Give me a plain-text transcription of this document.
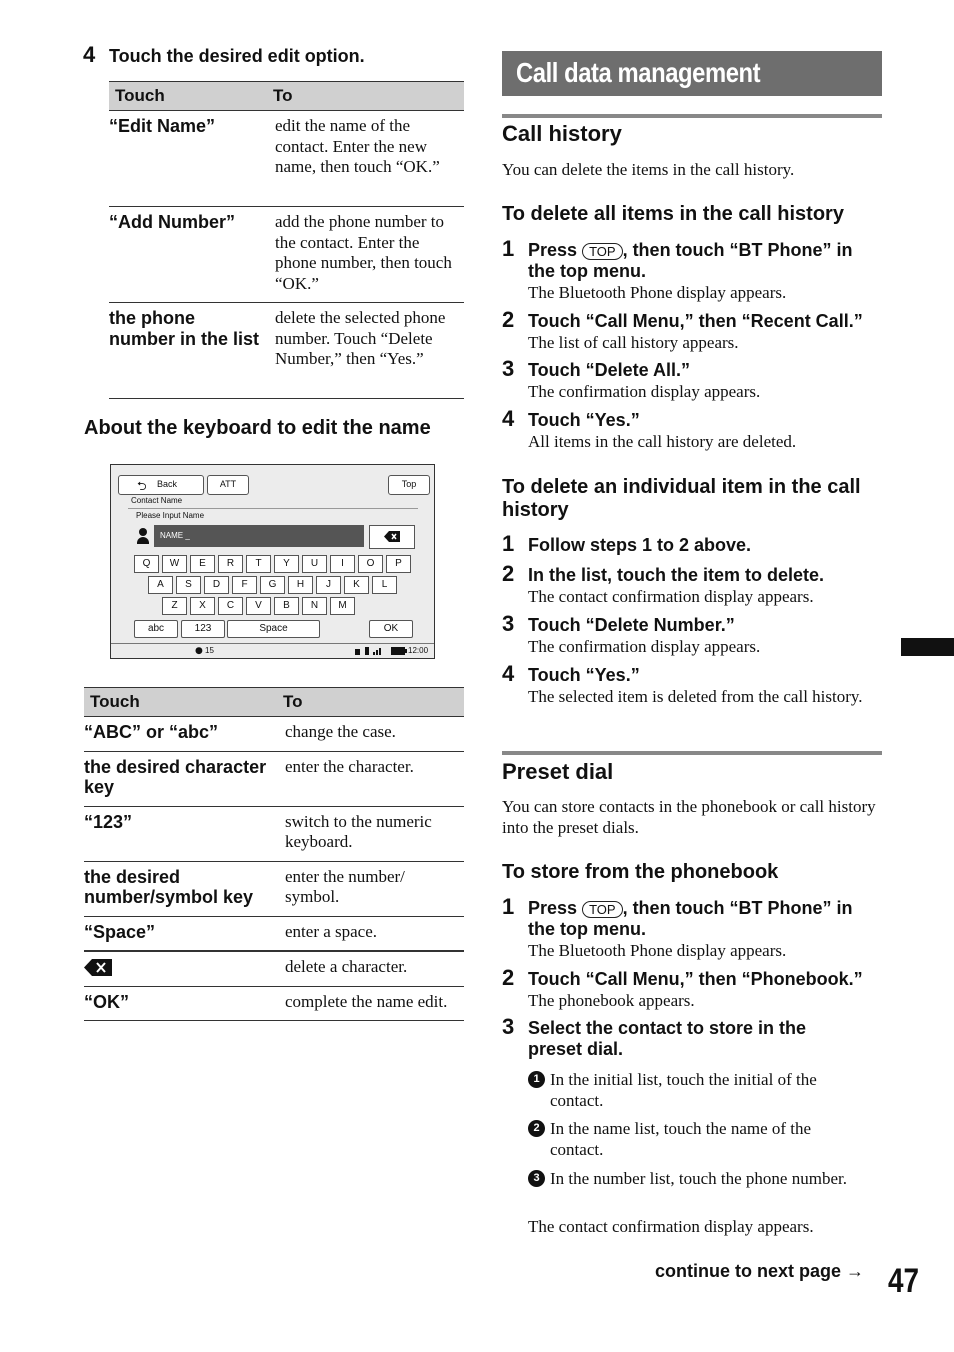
4 Touch the desired edit option.
Touch	To
“Edit Name”	edit the name of the contact. Enter the new name, then touch “OK.”
“Add Number”	add the phone number to the contact. Enter the phone number, then touch “OK.”
the phone number in the list	delete the selected phone number. Touch “Delete Number,” then “Yes.”
About the keyboard to edit the name
⮌ Back	ATT	Top
Contact Name
Please Input Name
NAME _
Q	W	E	R	T	Y	U	I	O	P
A	S	D	F	G	H	J	K	L
Z	X	C	V	B	N	M
abc	123	Space	OK
● 15	12:00
Touch	To
“ABC” or “abc”	change the case.
the desired character key	enter the character.
“123”	switch to the numeric keyboard.
the desired number/symbol key	enter the number/ symbol.
“Space”	enter a space.

	delete a character.
“OK”	complete the name edit.
Call data management
Call history
You can delete the items in the call history.
To delete all items in the call history
1 Press TOP , then touch “BT Phone” in the top menu.
The Bluetooth Phone display appears.
2 Touch “Call Menu,” then “Recent Call.”
The list of call history appears.
3 Touch “Delete All.”
The confirmation display appears.
4 Touch “Yes.”
All items in the call history are deleted.
To delete an individual item in the call history
1 Follow steps 1 to 2 above.
2 In the list, touch the item to delete.
The contact confirmation display appears.
3 Touch “Delete Number.”
The confirmation display appears.
4 Touch “Yes.”
The selected item is deleted from the call history.
Preset dial
You can store contacts in the phonebook or call history into the preset dials.
To store from the phonebook
1 Press TOP , then touch “BT Phone” in the top menu.
The Bluetooth Phone display appears.
2 Touch “Call Menu,” then “Phonebook.”
The phonebook appears.
3 Select the contact to store in the preset dial.
1 In the initial list, touch the initial of the contact.
2 In the name list, touch the name of the contact.
3 In the number list, touch the phone number.
The contact confirmation display appears.
continue to next page → 47
